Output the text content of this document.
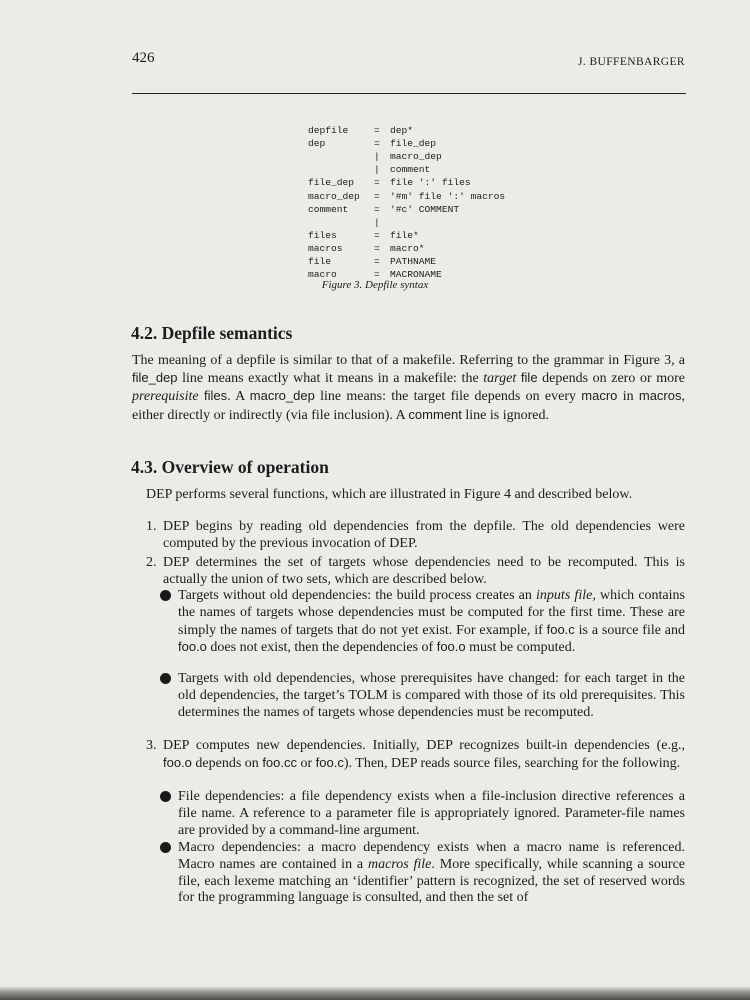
426	J. BUFFENBARGER
depfile	= dep*
dep	= file_dep
| macro_dep
| comment
file_dep = file ':' files
macro_dep = '#m' file ':' macros
comment	= '#c' COMMENT
|
files	= file*
macros	= macro*
file	= PATHNAME
macro	= MACRONAME
Figure 3. Depfile syntax
4.2. Depfile semantics
The meaning of a depfile is similar to that of a makefile. Referring to the grammar in Figure 3, a file_dep line means exactly what it means in a makefile: the target file depends on zero or more prerequisite files. A macro_dep line means: the target file depends on every macro in macros, either directly or indirectly (via file inclusion). A comment line is ignored.
4.3. Overview of operation
DEP performs several functions, which are illustrated in Figure 4 and described below.
1. DEP begins by reading old dependencies from the depfile. The old dependencies were computed by the previous invocation of DEP.
2. DEP determines the set of targets whose dependencies need to be recomputed. This is actually the union of two sets, which are described below.
Targets without old dependencies: the build process creates an inputs file, which contains the names of targets whose dependencies must be computed for the first time. These are simply the names of targets that do not yet exist. For example, if foo.c is a source file and foo.o does not exist, then the dependencies of foo.o must be computed.
Targets with old dependencies, whose prerequisites have changed: for each target in the old dependencies, the target’s TOLM is compared with those of its old prerequisites. This determines the names of targets whose dependencies must be recomputed.
3. DEP computes new dependencies. Initially, DEP recognizes built-in dependencies (e.g., foo.o depends on foo.cc or foo.c). Then, DEP reads source files, searching for the following.
File dependencies: a file dependency exists when a file-inclusion directive references a file name. A reference to a parameter file is appropriately ignored. Parameter-file names are provided by a command-line argument.
Macro dependencies: a macro dependency exists when a macro name is referenced. Macro names are contained in a macros file. More specifically, while scanning a source file, each lexeme matching an ‘identifier’ pattern is recognized, the set of reserved words for the programming language is consulted, and then the set of
